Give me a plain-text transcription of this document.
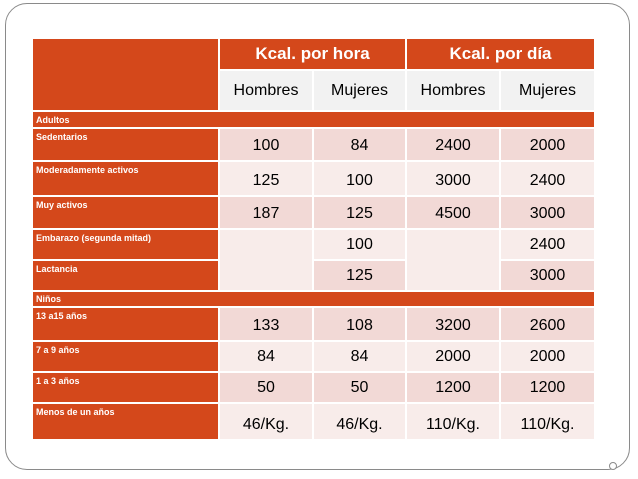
	Kcal. por hora		Kcal. por día	
	Hombres	Mujeres	Hombres	Mujeres
Adultos				
Sedentarios	100	84	2400	2000
Moderadamente activos	125	100	3000	2400
Muy activos	187	125	4500	3000
Embarazo (segunda mitad)		100		2400
Lactancia		125		3000
Niños				
13 a15 años	133	108	3200	2600
7 a 9 años	84	84	2000	2000
1 a 3 años	50	50	1200	1200
Menos de un años	46/Kg.	46/Kg.	110/Kg.	110/Kg.
